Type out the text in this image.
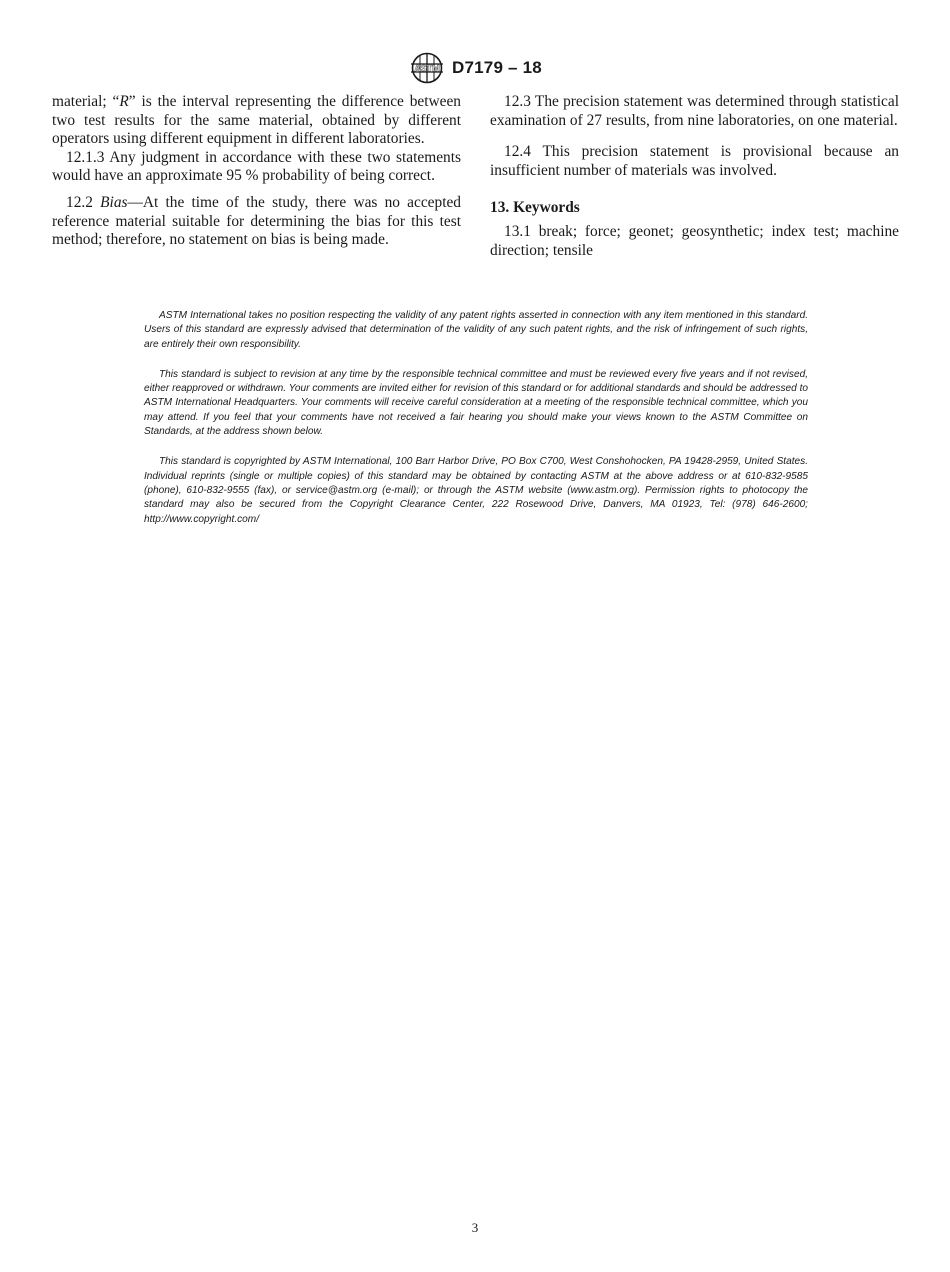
ASTM D7179 – 18

material; “R” is the interval representing the difference between two test results for the same material, obtained by different operators using different equipment in different laboratories.

12.1.3 Any judgment in accordance with these two statements would have an approximate 95 % probability of being correct.

12.2 Bias—At the time of the study, there was no accepted reference material suitable for determining the bias for this test method; therefore, no statement on bias is being made.

12.3 The precision statement was determined through statistical examination of 27 results, from nine laboratories, on one material.

12.4 This precision statement is provisional because an insufficient number of materials was involved.

13. Keywords

13.1 break; force; geonet; geosynthetic; index test; machine direction; tensile

ASTM International takes no position respecting the validity of any patent rights asserted in connection with any item mentioned in this standard. Users of this standard are expressly advised that determination of the validity of any such patent rights, and the risk of infringement of such rights, are entirely their own responsibility.

This standard is subject to revision at any time by the responsible technical committee and must be reviewed every five years and if not revised, either reapproved or withdrawn. Your comments are invited either for revision of this standard or for additional standards and should be addressed to ASTM International Headquarters. Your comments will receive careful consideration at a meeting of the responsible technical committee, which you may attend. If you feel that your comments have not received a fair hearing you should make your views known to the ASTM Committee on Standards, at the address shown below.

This standard is copyrighted by ASTM International, 100 Barr Harbor Drive, PO Box C700, West Conshohocken, PA 19428-2959, United States. Individual reprints (single or multiple copies) of this standard may be obtained by contacting ASTM at the above address or at 610-832-9585 (phone), 610-832-9555 (fax), or service@astm.org (e-mail); or through the ASTM website (www.astm.org). Permission rights to photocopy the standard may also be secured from the Copyright Clearance Center, 222 Rosewood Drive, Danvers, MA 01923, Tel: (978) 646-2600; http://www.copyright.com/

3
